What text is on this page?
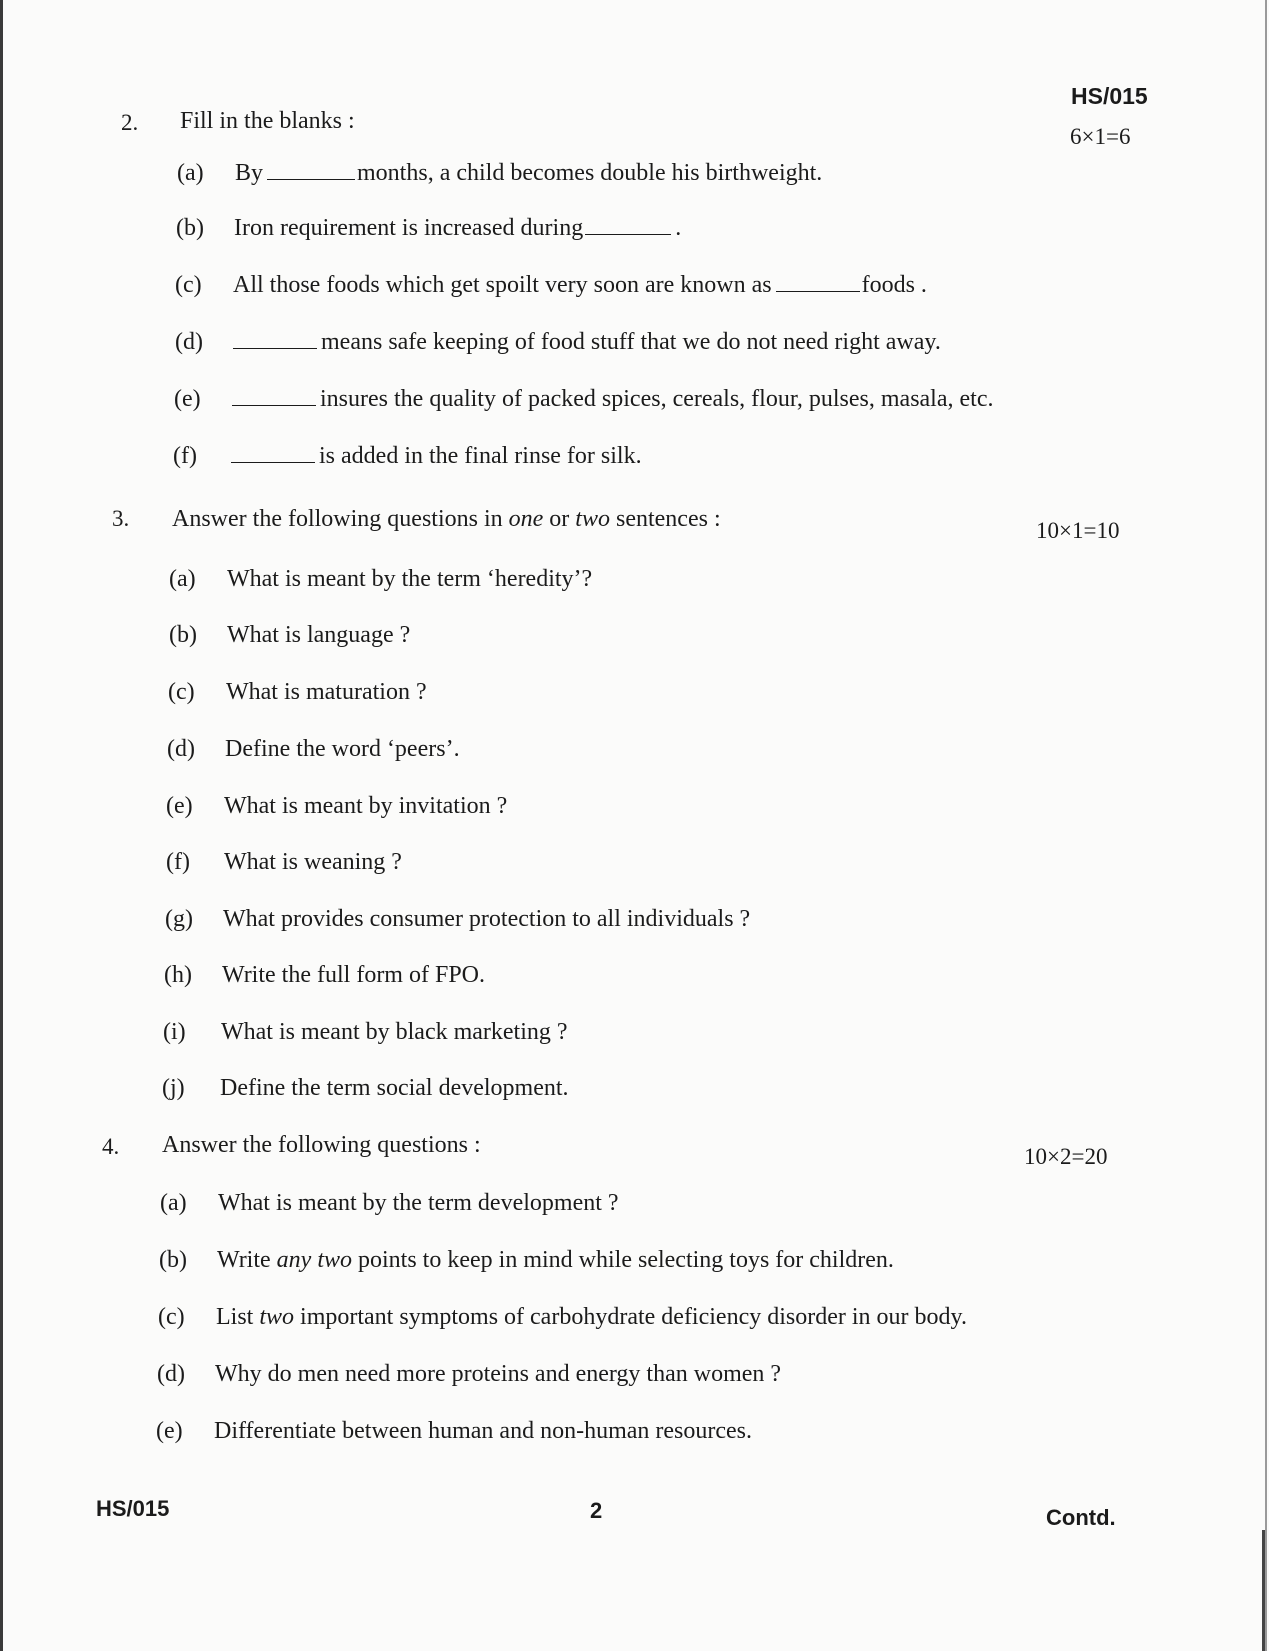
HS/015
2. Fill in the blanks :
6×1=6
(a) By	months, a child becomes double his birthweight.
(b) Iron requirement is increased during	.
(c) All those foods which get spoilt very soon are known as	foods .
(d)	means safe keeping of food stuff that we do not need right away.
(e)	insures the quality of packed spices, cereals, flour, pulses, masala, etc.
(f)	is added in the final rinse for silk.
3. Answer the following questions in one or two sentences :	10×1=10
(a) What is meant by the term ‘heredity’?
(b) What is language ?
(c) What is maturation ?
(d) Define the word ‘peers’.
(e) What is meant by invitation ?
(f) What is weaning ?
(g) What provides consumer protection to all individuals ?
(h) Write the full form of FPO.
(i) What is meant by black marketing ?
(j) Define the term social development.
4. Answer the following questions :	10×2=20
(a) What is meant by the term development ?
(b) Write any two points to keep in mind while selecting toys for children.
(c) List two important symptoms of carbohydrate deficiency disorder in our body.
(d) Why do men need more proteins and energy than women ?
(e) Differentiate between human and non-human resources.
HS/015	2	Contd.
